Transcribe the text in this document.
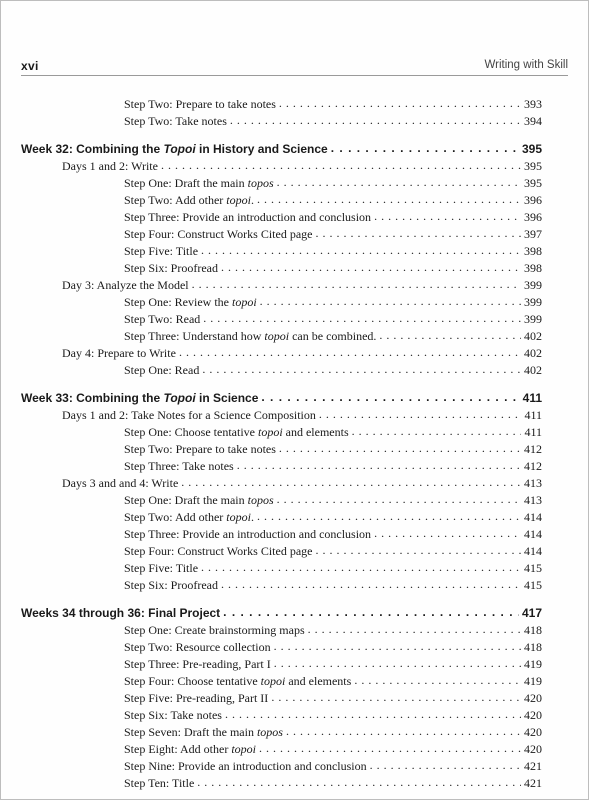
xvi	Writing with Skill
Step Two: Prepare to take notes . . .	393
Step Two: Take notes . . .	394
Week 32: Combining the Topoi in History and Science . . .	395
Days 1 and 2: Write . . .	395
Step One: Draft the main topos . . .	395
Step Two: Add other topoi. . . .	396
Step Three: Provide an introduction and conclusion . . .	396
Step Four: Construct Works Cited page . . .	397
Step Five: Title . . .	398
Step Six: Proofread . . .	398
Day 3: Analyze the Model . . .	399
Step One: Review the topoi . . .	399
Step Two: Read . . .	399
Step Three: Understand how topoi can be combined. . . .	402
Day 4: Prepare to Write . . .	402
Step One: Read . . .	402
Week 33: Combining the Topoi in Science . . .	411
Days 1 and 2: Take Notes for a Science Composition . . .	411
Step One: Choose tentative topoi and elements . . .	411
Step Two: Prepare to take notes . . .	412
Step Three: Take notes . . .	412
Days 3 and and 4: Write . . .	413
Step One: Draft the main topos . . .	413
Step Two: Add other topoi. . . .	414
Step Three: Provide an introduction and conclusion . . .	414
Step Four: Construct Works Cited page . . .	414
Step Five: Title . . .	415
Step Six: Proofread . . .	415
Weeks 34 through 36: Final Project . . .	417
Step One: Create brainstorming maps . . .	418
Step Two: Resource collection . . .	418
Step Three: Pre-reading, Part I . . .	419
Step Four: Choose tentative topoi and elements . . .	419
Step Five: Pre-reading, Part II . . .	420
Step Six: Take notes . . .	420
Step Seven: Draft the main topos . . .	420
Step Eight: Add other topoi . . .	420
Step Nine: Provide an introduction and conclusion . . .	421
Step Ten: Title . . .	421
